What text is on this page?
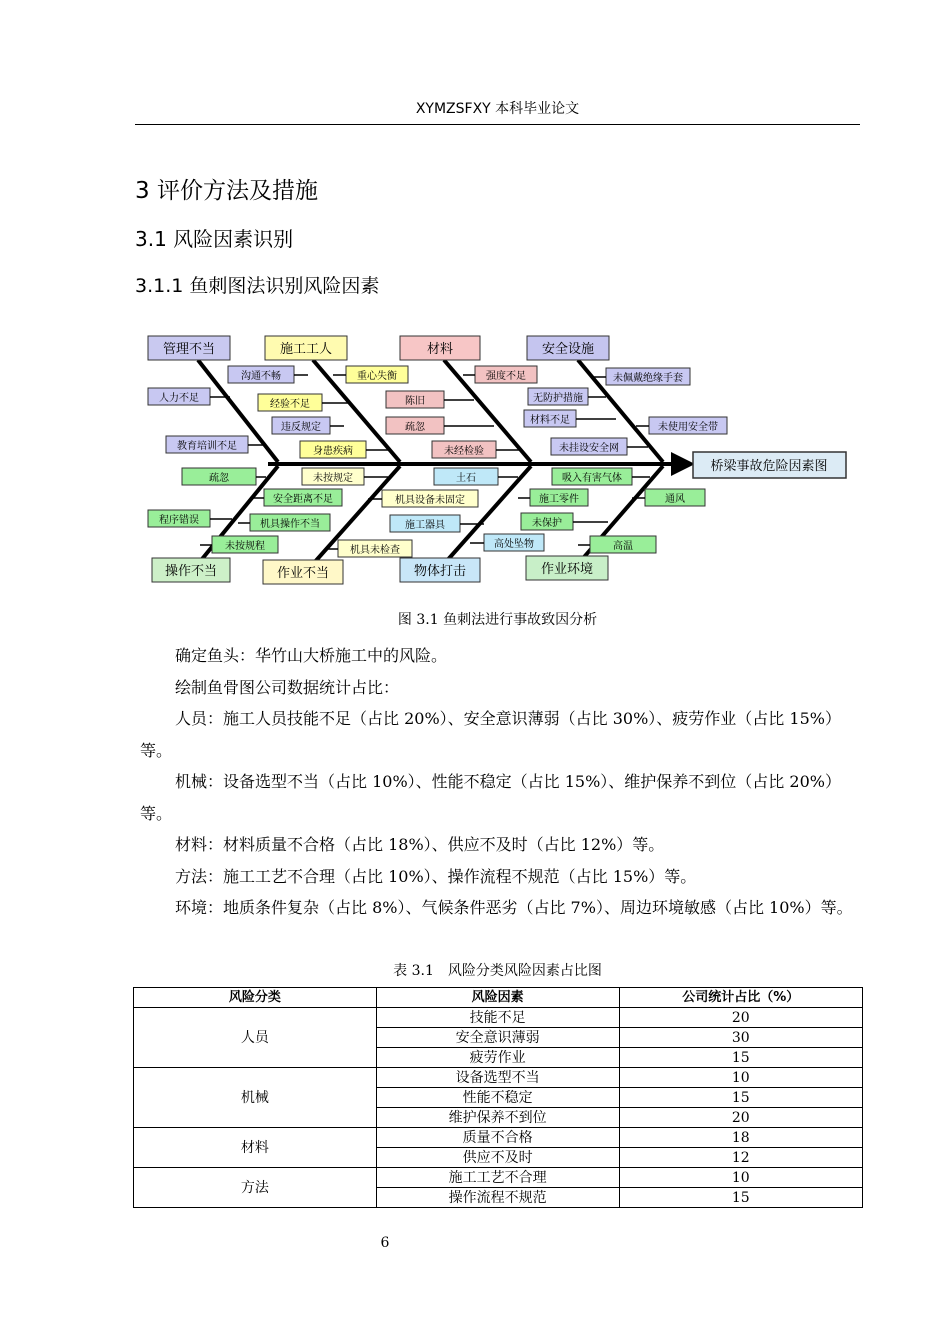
XYMZSFXY 本科毕业论文
3 评价方法及措施
3.1 风险因素识别
3.1.1 鱼刺图法识别风险因素
桥梁事故危险因素图
管理不当	施工工人	材料	安全设施
操作不当	作业不当	物体打击	作业环境
沟通不畅
人力不足
违反规定
教育培训不足
重心失衡
经验不足
身患疾病
强度不足
陈旧
疏忽
未经检验
未佩戴绝缘手套
无防护措施
材料不足
未使用安全带
未挂设安全网
疏忽
安全距离不足
程序错误	机具操作不当
未按规程
未按规定
机具设备未固定
机具未检查
土石
施工器具
高处坠物
吸入有害气体
施工零件	通风
未保护
高温
图 3.1 鱼刺法进行事故致因分析

确定鱼头：华竹山大桥施工中的风险。

绘制鱼骨图公司数据统计占比：

人员：施工人员技能不足（占比 20%）、安全意识薄弱（占比 30%）、疲劳作业（占比 15%）等。

机械：设备选型不当（占比 10%）、性能不稳定（占比 15%）、维护保养不到位（占比 20%）等。

材料：材料质量不合格（占比 18%）、供应不及时（占比 12%）等。

方法：施工工艺不合理（占比 10%）、操作流程不规范（占比 15%）等。

环境：地质条件复杂（占比 8%）、气候条件恶劣（占比 7%）、周边环境敏感（占比 10%）等。

表 3.1　风险分类风险因素占比图
风险分类	风险因素	公司统计占比（%）
人员	技能不足	20
	安全意识薄弱	30
	疲劳作业	15
机械	设备选型不当	10
	性能不稳定	15
	维护保养不到位	20
材料	质量不合格	18
	供应不及时	12
方法	施工工艺不合理	10
	操作流程不规范	15
6
